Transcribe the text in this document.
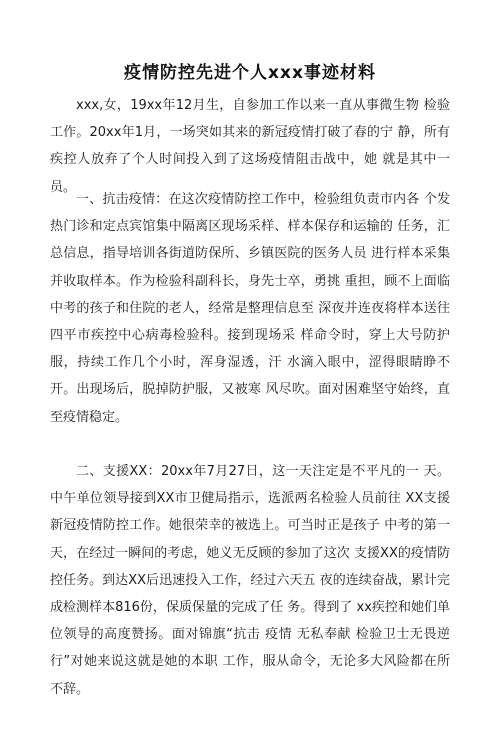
疫情防控先进个人xxx事迹材料

xxx,女，19xx年12月生，自参加工作以来一直从事微生物 检验工作。20xx年1月，一场突如其来的新冠疫情打破了春的宁 静，所有疾控人放弃了个人时间投入到了这场疫情阻击战中，她 就是其中一员。

一、抗击疫情：在这次疫情防控工作中，检验组负责市内各 个发热门诊和定点宾馆集中隔离区现场采样、样本保存和运输的 任务，汇总信息，指导培训各街道防保所、乡镇医院的医务人员 进行样本采集并收取样本。作为检验科副科长，身先士卒，勇挑 重担，顾不上面临中考的孩子和住院的老人，经常是整理信息至 深夜并连夜将样本送往四平市疾控中心病毒检验科。接到现场采 样命令时，穿上大号防护服，持续工作几个小时，浑身湿透，汗 水滴入眼中，涩得眼睛睁不开。出现场后，脱掉防护服，又被寒 风尽吹。面对困难坚守始终，直至疫情稳定。

二、支援XX：20xx年7月27日，这一天注定是不平凡的一 天。中午单位领导接到XX市卫健局指示，选派两名检验人员前往 XX支援新冠疫情防控工作。她很荣幸的被选上。可当时正是孩子 中考的第一天，在经过一瞬间的考虑，她义无反顾的参加了这次 支援XX的疫情防控任务。到达XX后迅速投入工作，经过六天五 夜的连续奋战，累计完成检测样本816份，保质保量的完成了任 务。得到了 xx疾控和她们单位领导的高度赞扬。面对锦旗“抗击 疫情 无私奉献 检验卫士无畏逆行”对她来说这就是她的本职 工作，服从命令，无论多大风险都在所不辞。
